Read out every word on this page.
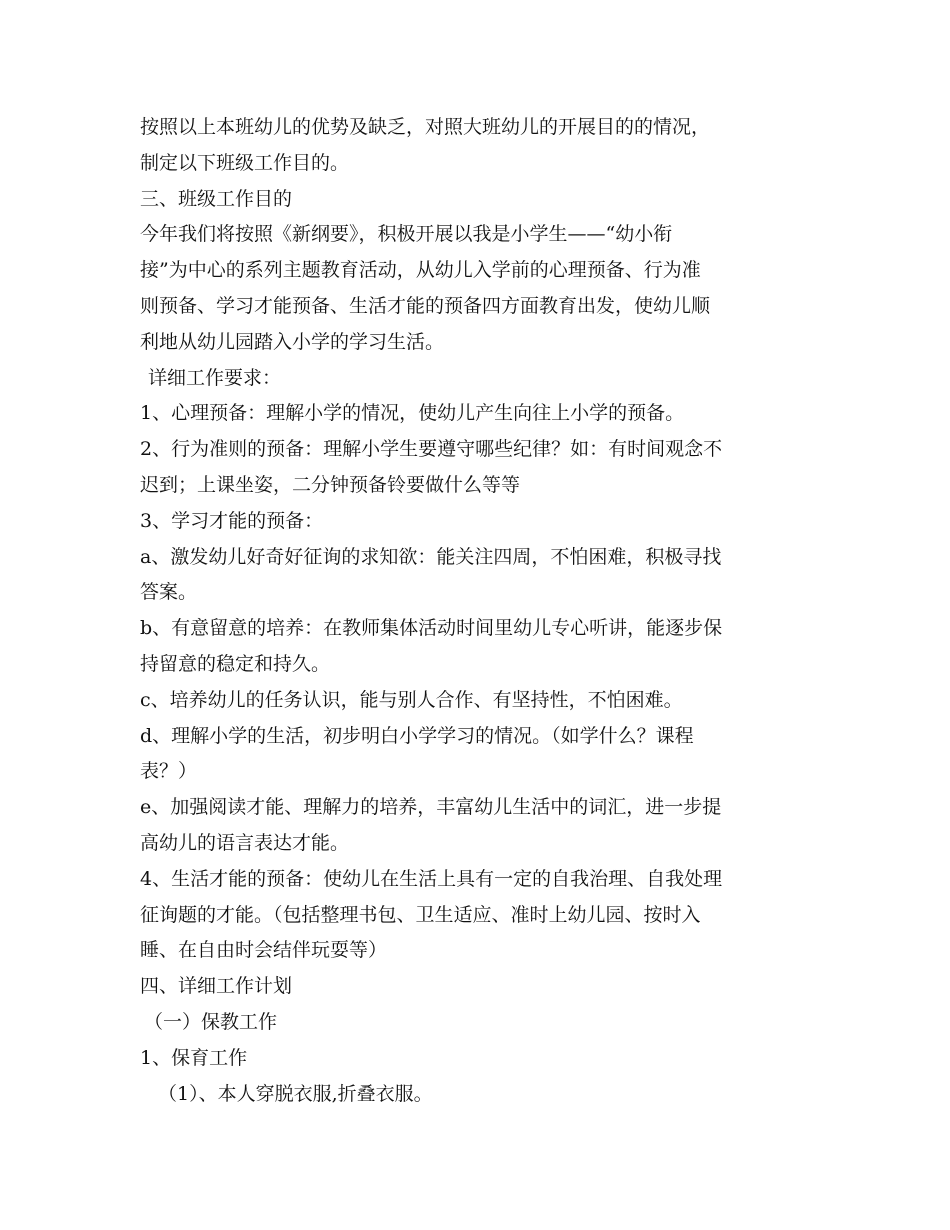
按照以上本班幼儿的优势及缺乏，对照大班幼儿的开展目的的情况，
制定以下班级工作目的。
三、班级工作目的
今年我们将按照《新纲要》，积极开展以我是小学生——“幼小衔
接”为中心的系列主题教育活动，从幼儿入学前的心理预备、行为准
则预备、学习才能预备、生活才能的预备四方面教育出发，使幼儿顺
利地从幼儿园踏入小学的学习生活。
详细工作要求：
1、心理预备：理解小学的情况，使幼儿产生向往上小学的预备。
2、行为准则的预备：理解小学生要遵守哪些纪律？如：有时间观念不
迟到；上课坐姿，二分钟预备铃要做什么等等
3、学习才能的预备：
a、激发幼儿好奇好征询的求知欲：能关注四周，不怕困难，积极寻找
答案。
b、有意留意的培养：在教师集体活动时间里幼儿专心听讲，能逐步保
持留意的稳定和持久。
c、培养幼儿的任务认识，能与别人合作、有坚持性，不怕困难。
d、理解小学的生活，初步明白小学学习的情况。（如学什么？课程
表？）
e、加强阅读才能、理解力的培养，丰富幼儿生活中的词汇，进一步提
高幼儿的语言表达才能。
4、生活才能的预备：使幼儿在生活上具有一定的自我治理、自我处理
征询题的才能。（包括整理书包、卫生适应、准时上幼儿园、按时入
睡、在自由时会结伴玩耍等）
四、详细工作计划
（一）保教工作
1、保育工作
（1）、本人穿脱衣服,折叠衣服。
